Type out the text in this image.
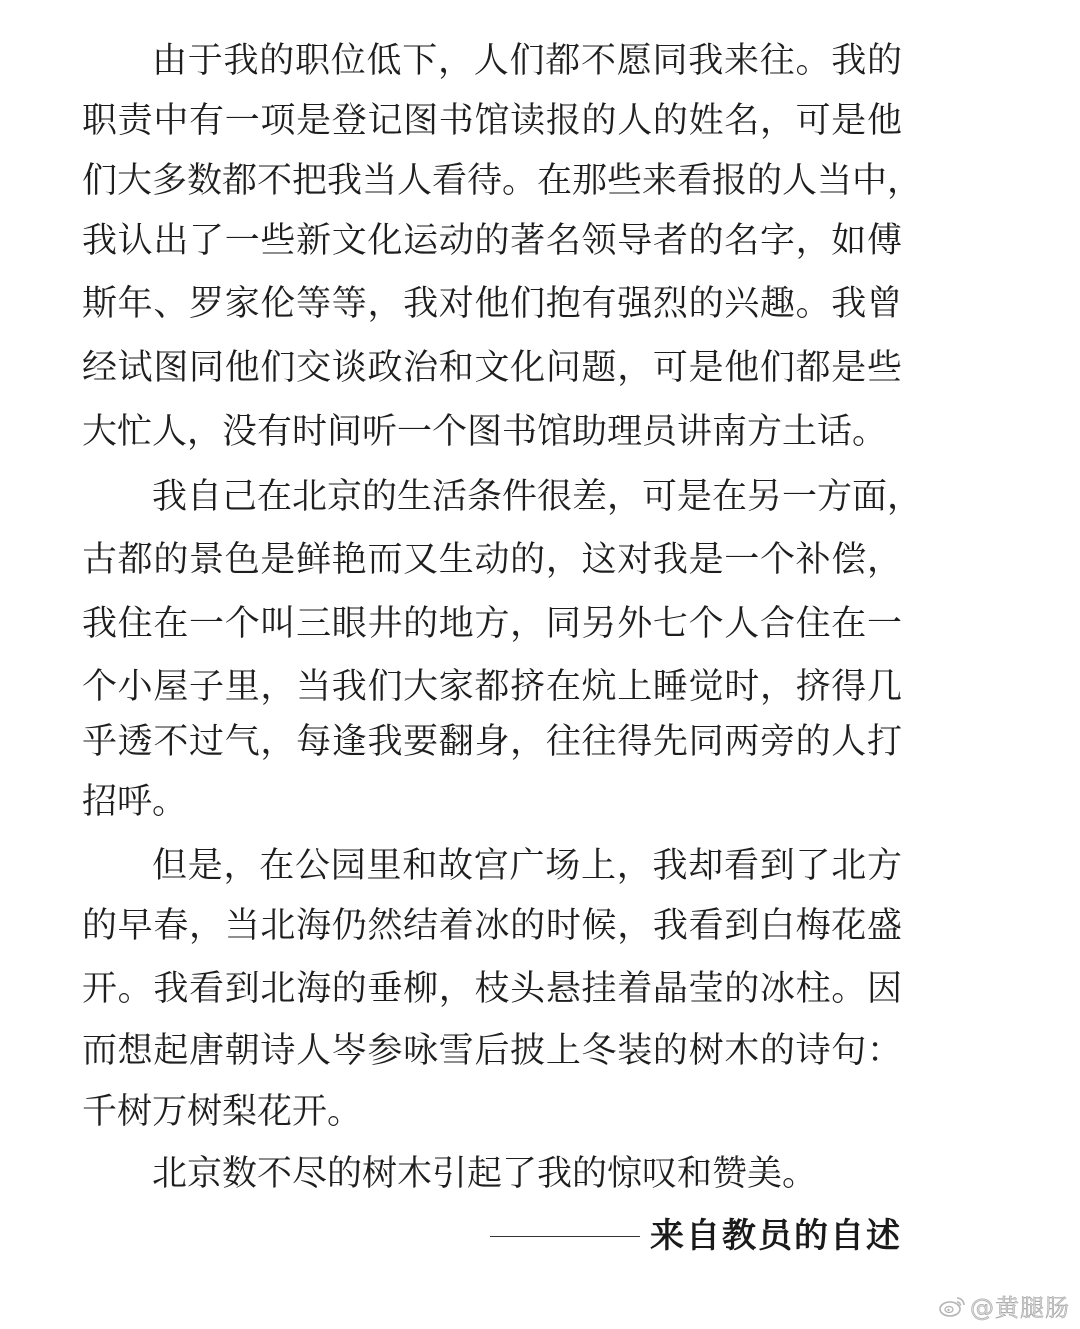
由于我的职位低下，人们都不愿同我来往。我的
职责中有一项是登记图书馆读报的人的姓名，可是他
们大多数都不把我当人看待。在那些来看报的人当中，
我认出了一些新文化运动的著名领导者的名字，如傅
斯年、罗家伦等等，我对他们抱有强烈的兴趣。我曾
经试图同他们交谈政治和文化问题，可是他们都是些
大忙人，没有时间听一个图书馆助理员讲南方土话。
我自己在北京的生活条件很差，可是在另一方面，
古都的景色是鲜艳而又生动的，这对我是一个补偿，
我住在一个叫三眼井的地方，同另外七个人合住在一
个小屋子里，当我们大家都挤在炕上睡觉时，挤得几
乎透不过气，每逢我要翻身，往往得先同两旁的人打
招呼。
但是，在公园里和故宫广场上，我却看到了北方
的早春，当北海仍然结着冰的时候，我看到白梅花盛
开。我看到北海的垂柳，枝头悬挂着晶莹的冰柱。因
而想起唐朝诗人岑参咏雪后披上冬装的树木的诗句：
千树万树梨花开。
北京数不尽的树木引起了我的惊叹和赞美。
来自教员的自述
@黄腿肠
